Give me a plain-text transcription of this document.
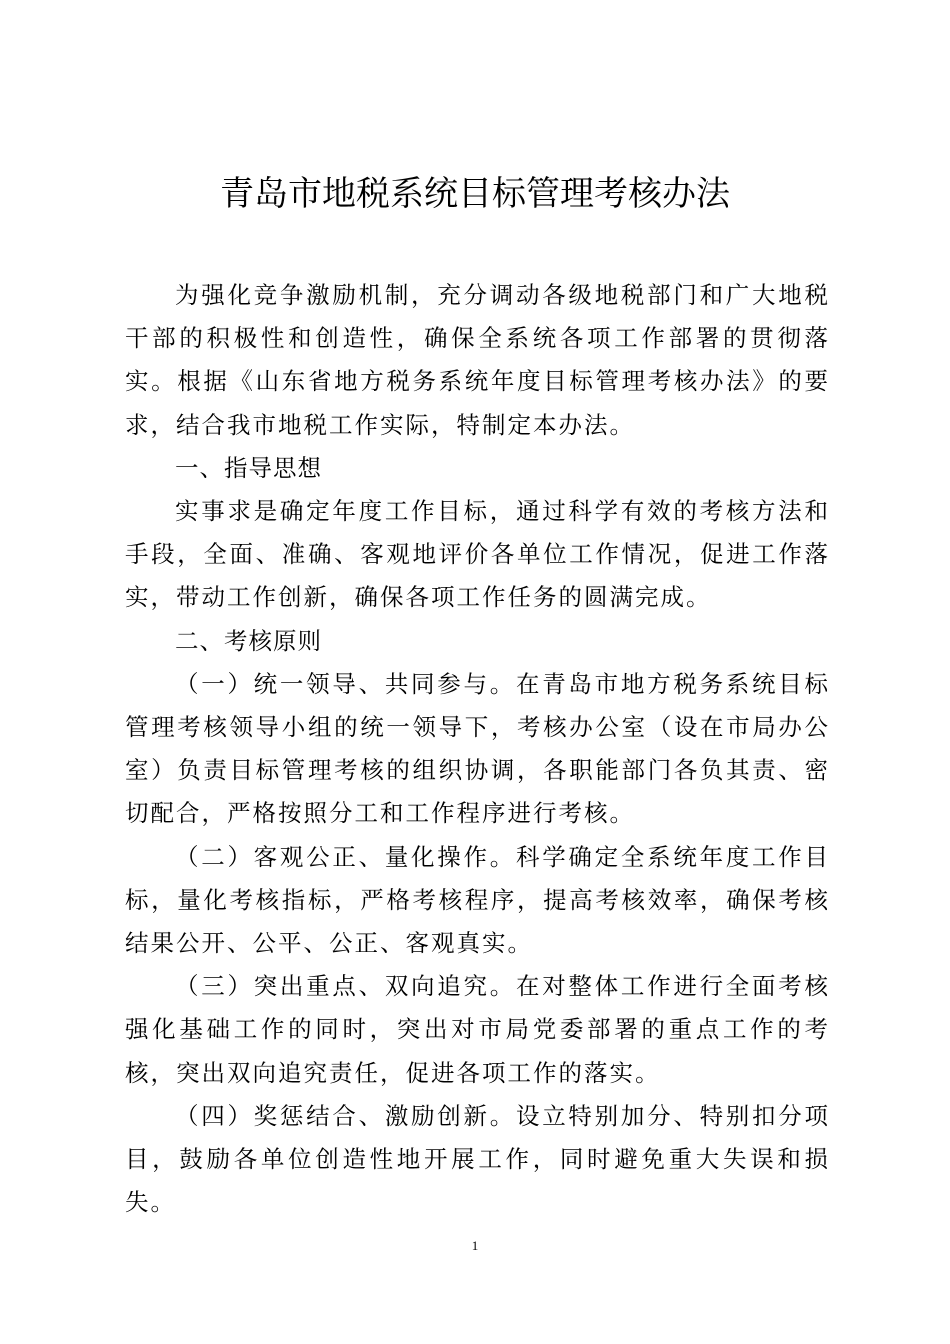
青岛市地税系统目标管理考核办法

为强化竞争激励机制，充分调动各级地税部门和广大地税干部的积极性和创造性，确保全系统各项工作部署的贯彻落实。根据《山东省地方税务系统年度目标管理考核办法》的要求，结合我市地税工作实际，特制定本办法。

一、指导思想

实事求是确定年度工作目标，通过科学有效的考核方法和手段，全面、准确、客观地评价各单位工作情况，促进工作落实，带动工作创新，确保各项工作任务的圆满完成。

二、考核原则

（一）统一领导、共同参与。在青岛市地方税务系统目标管理考核领导小组的统一领导下，考核办公室（设在市局办公室）负责目标管理考核的组织协调，各职能部门各负其责、密切配合，严格按照分工和工作程序进行考核。

（二）客观公正、量化操作。科学确定全系统年度工作目标，量化考核指标，严格考核程序，提高考核效率，确保考核结果公开、公平、公正、客观真实。

（三）突出重点、双向追究。在对整体工作进行全面考核强化基础工作的同时，突出对市局党委部署的重点工作的考核，突出双向追究责任，促进各项工作的落实。

（四）奖惩结合、激励创新。设立特别加分、特别扣分项目，鼓励各单位创造性地开展工作，同时避免重大失误和损失。

1
